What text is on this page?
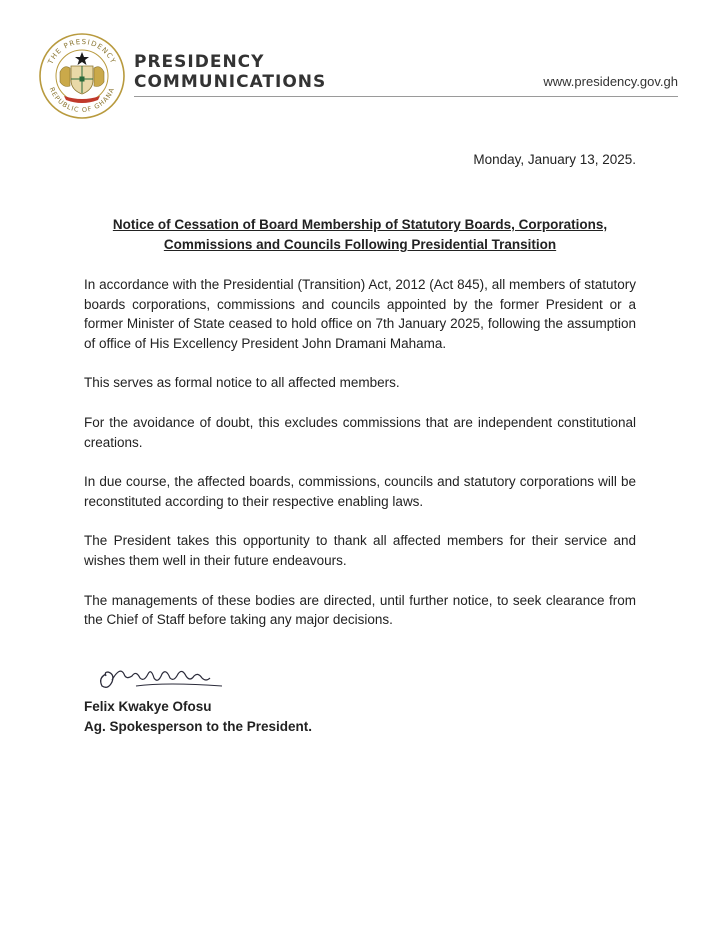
THE PRESIDENCY
REPUBLIC OF GHANA
PRESIDENCY
COMMUNICATIONS	www.presidency.gov.gh
Monday, January 13, 2025.
Notice of Cessation of Board Membership of Statutory Boards, Corporations,
Commissions and Councils Following Presidential Transition

In accordance with the Presidential (Transition) Act, 2012 (Act 845), all members of statutory boards corporations, commissions and councils appointed by the former President or a former Minister of State ceased to hold office on 7th January 2025, following the assumption of office of His Excellency President John Dramani Mahama.

This serves as formal notice to all affected members.

For the avoidance of doubt, this excludes commissions that are independent constitutional creations.

In due course, the affected boards, commissions, councils and statutory corporations will be reconstituted according to their respective enabling laws.

The President takes this opportunity to thank all affected members for their service and wishes them well in their future endeavours.

The managements of these bodies are directed, until further notice, to seek clearance from the Chief of Staff before taking any major decisions.

Felix Kwakye Ofosu
Ag. Spokesperson to the President.
